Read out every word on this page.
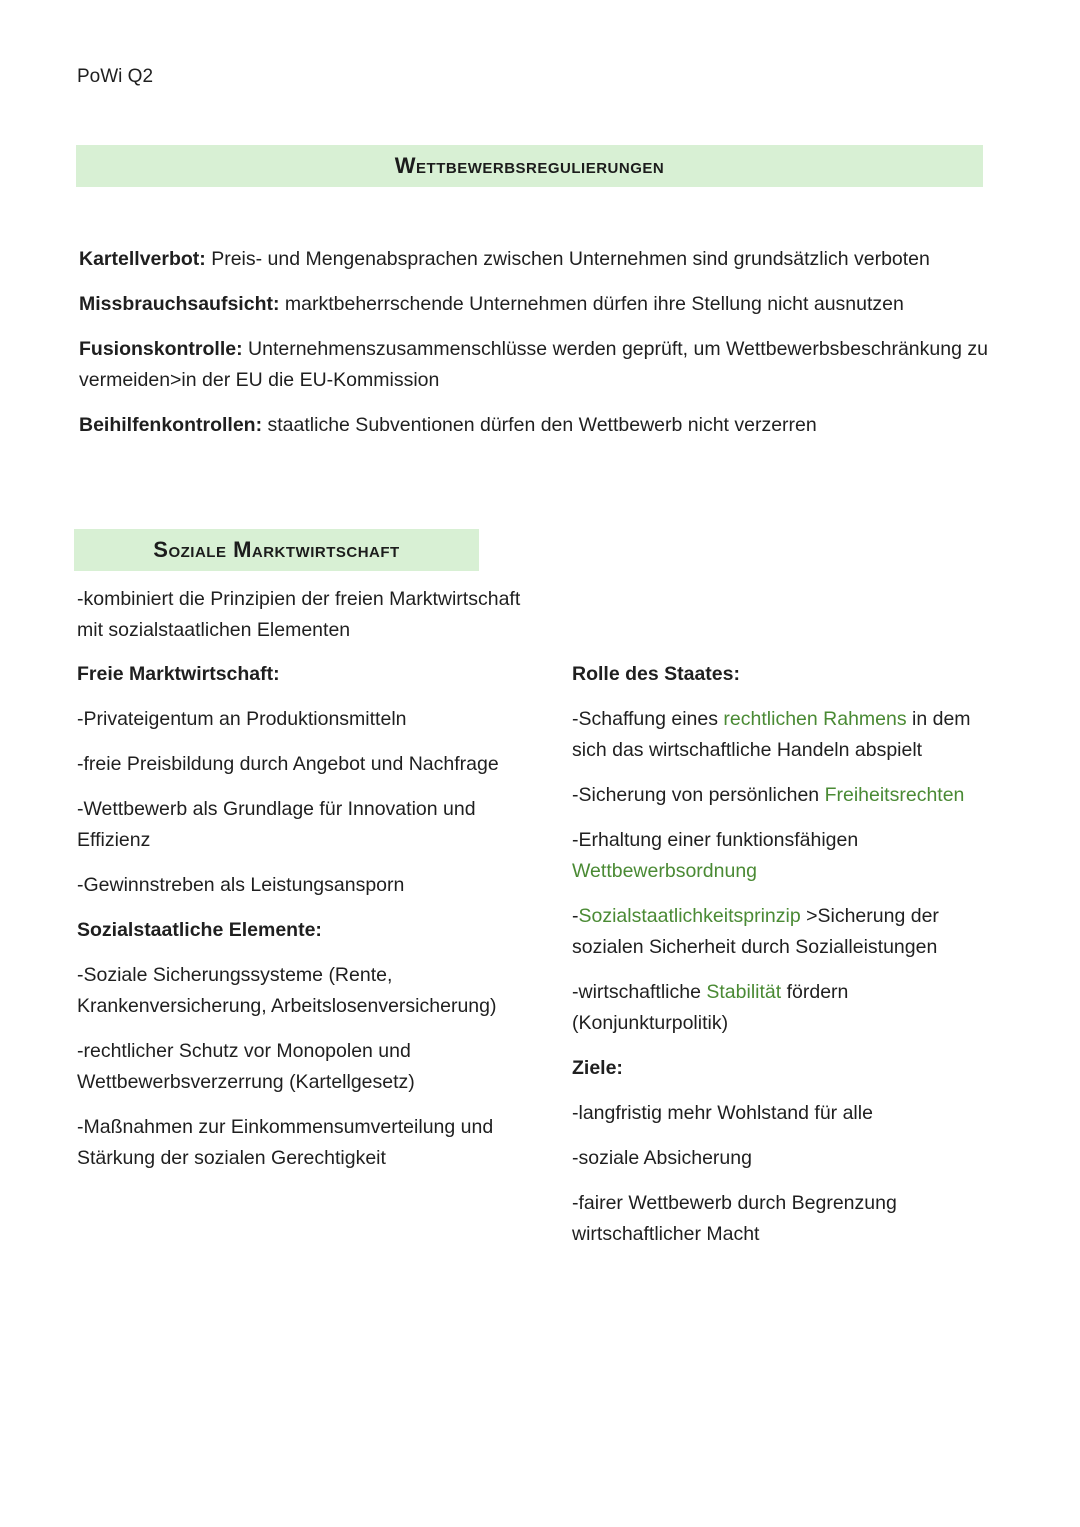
PoWi Q2
Wettbewerbsregulierungen

Kartellverbot: Preis- und Mengenabsprachen zwischen Unternehmen sind grundsätzlich verboten

Missbrauchsaufsicht: marktbeherrschende Unternehmen dürfen ihre Stellung nicht ausnutzen

Fusionskontrolle: Unternehmenszusammenschlüsse werden geprüft, um Wettbewerbsbeschränkung zu vermeiden>in der EU die EU-Kommission

Beihilfenkontrollen: staatliche Subventionen dürfen den Wettbewerb nicht verzerren

Soziale Marktwirtschaft

-kombiniert die Prinzipien der freien Marktwirtschaft mit sozialstaatlichen Elementen

Freie Marktwirtschaft:

-Privateigentum an Produktionsmitteln

-freie Preisbildung durch Angebot und Nachfrage

-Wettbewerb als Grundlage für Innovation und Effizienz

-Gewinnstreben als Leistungsansporn

Sozialstaatliche Elemente:

-Soziale Sicherungssysteme (Rente, Krankenversicherung, Arbeitslosenversicherung)

-rechtlicher Schutz vor Monopolen und Wettbewerbsverzerrung (Kartellgesetz)

-Maßnahmen zur Einkommensumverteilung und Stärkung der sozialen Gerechtigkeit

Rolle des Staates:

-Schaffung eines rechtlichen Rahmens in dem sich das wirtschaftliche Handeln abspielt

-Sicherung von persönlichen Freiheitsrechten

-Erhaltung einer funktionsfähigen Wettbewerbsordnung

-Sozialstaatlichkeitsprinzip >Sicherung der sozialen Sicherheit durch Sozialleistungen

-wirtschaftliche Stabilität fördern (Konjunkturpolitik)

Ziele:

-langfristig mehr Wohlstand für alle

-soziale Absicherung

-fairer Wettbewerb durch Begrenzung wirtschaftlicher Macht
